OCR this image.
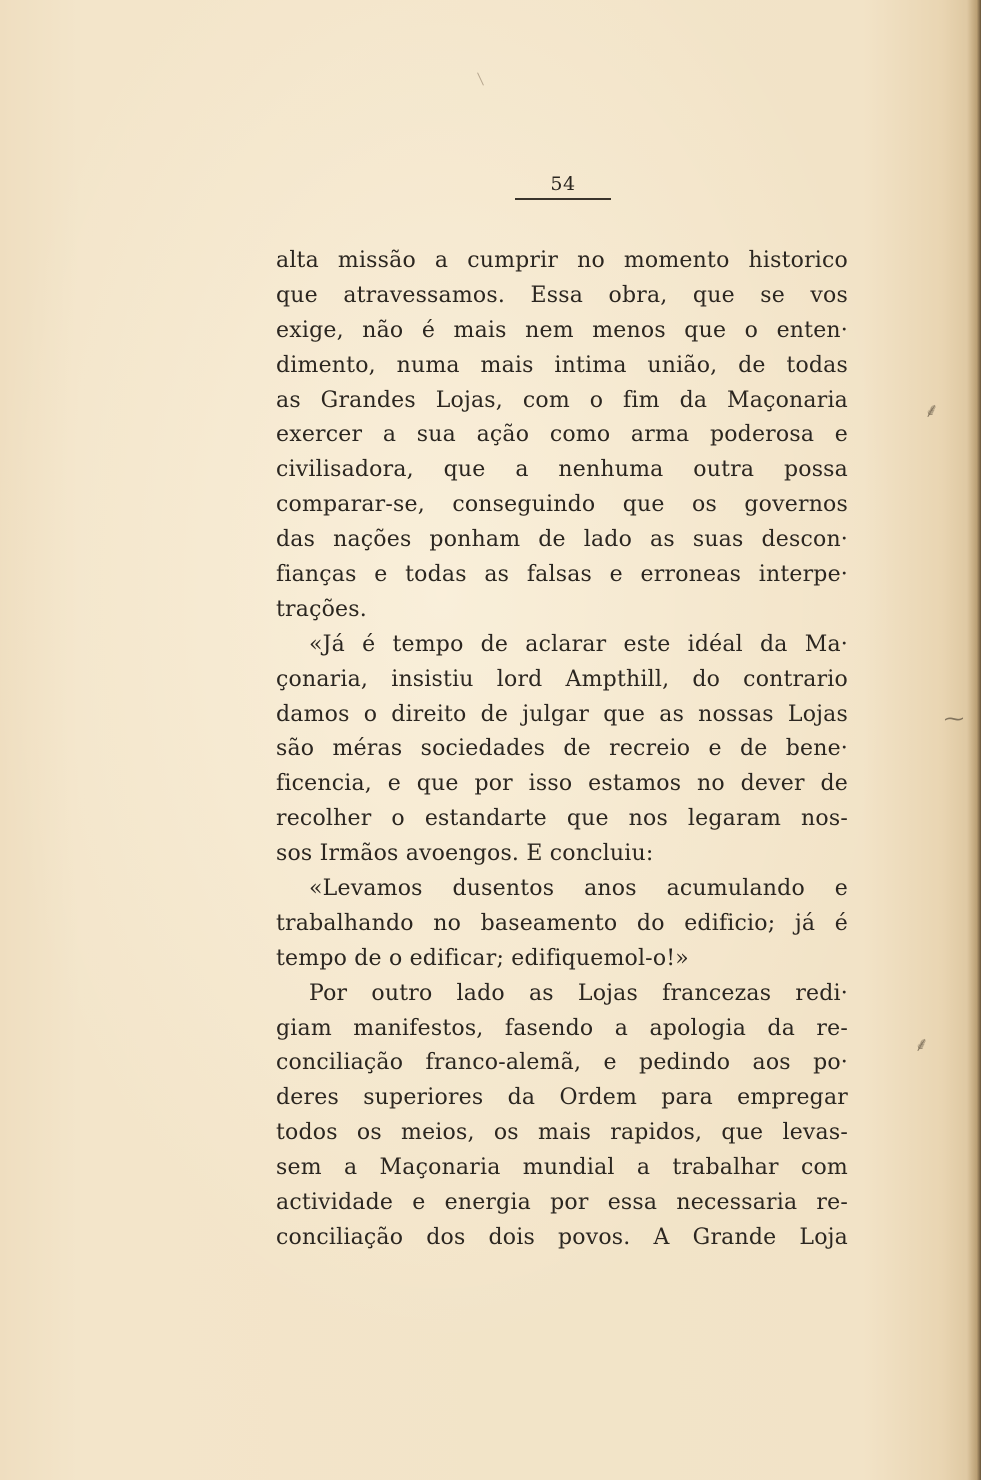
54
alta missão a cumprir no momento historico
que atravessamos. Essa obra, que se vos
exige, não é mais nem menos que o enten·
dimento, numa mais intima união, de todas
as Grandes Lojas, com o fim da Maçonaria
exercer a sua ação como arma poderosa e
civilisadora, que a nenhuma outra possa
comparar-se, conseguindo que os governos
das nações ponham de lado as suas descon·
fianças e todas as falsas e erroneas interpe·
trações.
«Já é tempo de aclarar este idéal da Ma·
çonaria, insistiu lord Ampthill, do contrario
damos o direito de julgar que as nossas Lojas
são méras sociedades de recreio e de bene·
ficencia, e que por isso estamos no dever de
recolher o estandarte que nos legaram nos-
sos Irmãos avoengos. E concluiu:
«Levamos dusentos anos acumulando e
trabalhando no baseamento do edificio; já é
tempo de o edificar; edifiquemol-o!»
Por outro lado as Lojas francezas redi·
giam manifestos, fasendo a apologia da re-
conciliação franco-alemã, e pedindo aos po·
deres superiores da Ordem para empregar
todos os meios, os mais rapidos, que levas-
sem a Maçonaria mundial a trabalhar com
actividade e energia por essa necessaria re-
conciliação dos dois povos. A Grande Loja
⸙
⁓
⸙
